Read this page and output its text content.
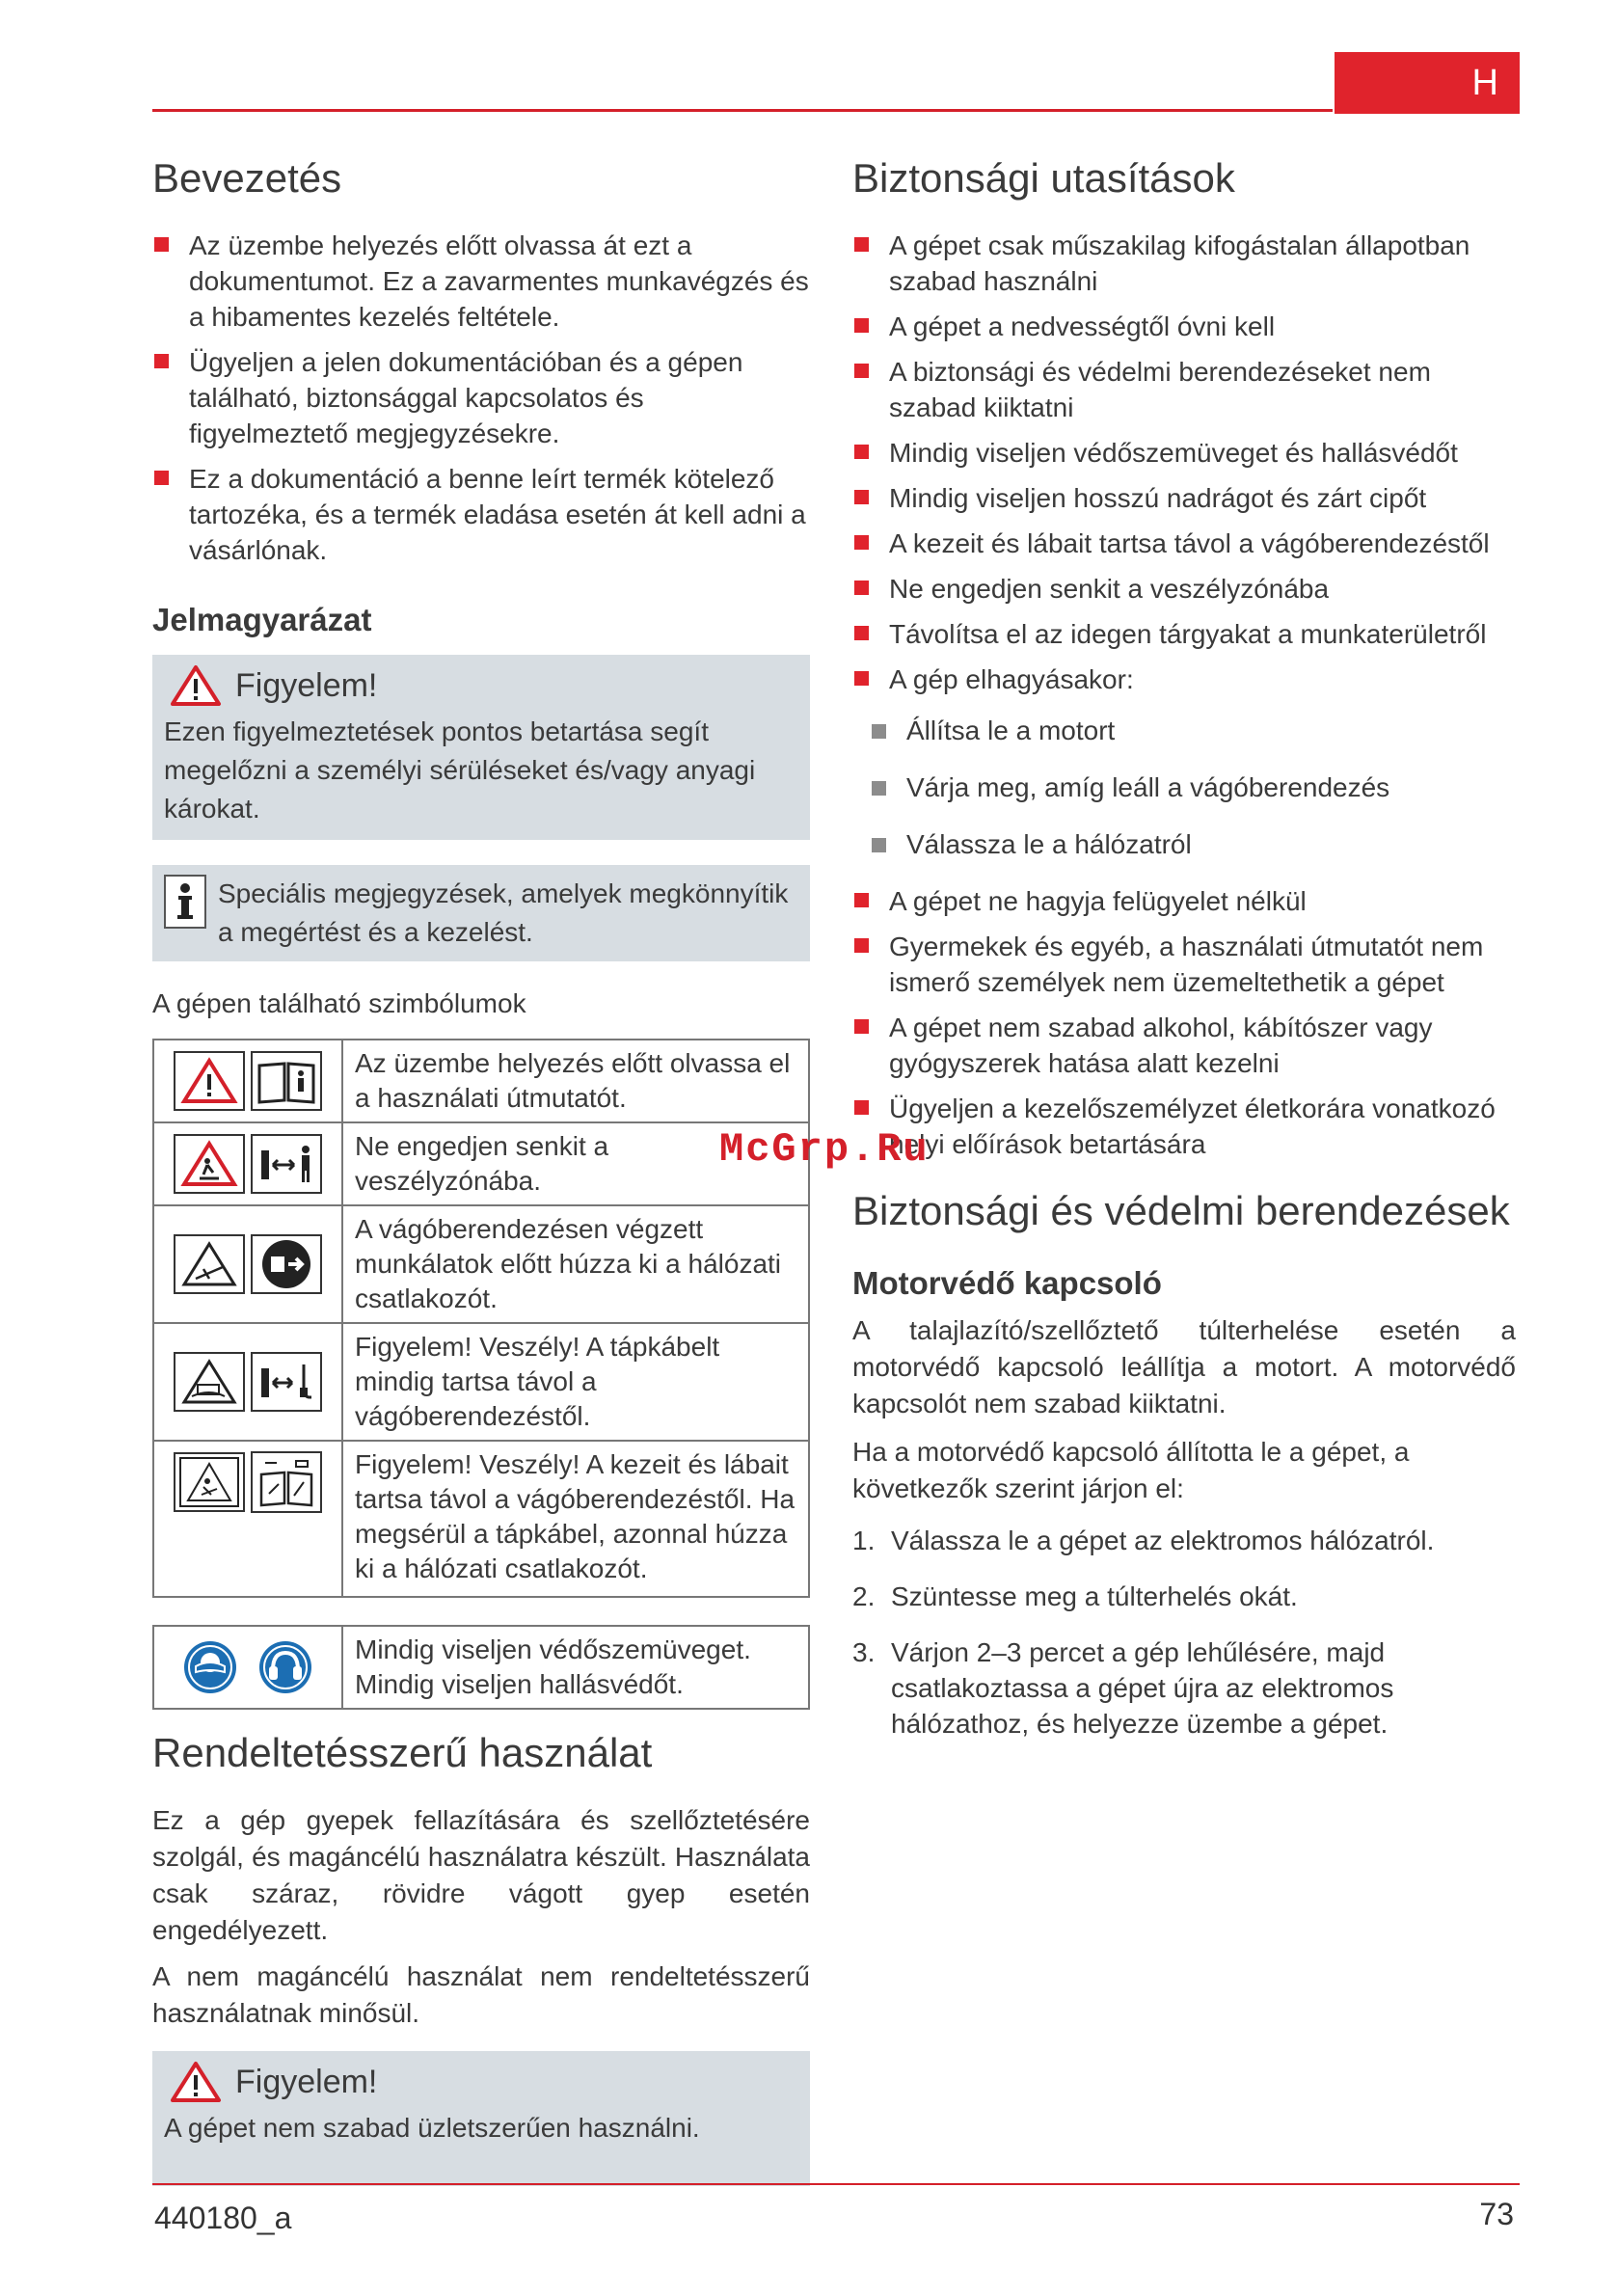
H
Bevezetés
Az üzembe helyezés előtt olvassa át ezt a dokumentumot. Ez a zavarmentes munkavégzés és a hibamentes kezelés feltétele.
Ügyeljen a jelen dokumentációban és a gépen található, biztonsággal kapcsolatos és figyelmeztető megjegyzésekre.
Ez a dokumentáció a benne leírt termék kötelező tartozéka, és a termék eladása esetén át kell adni a vásárlónak.
Jelmagyarázat
Figyelem!
Ezen figyelmeztetések pontos betartása segít megelőzni a személyi sérüléseket és/vagy anyagi károkat.
Speciális megjegyzések, amelyek megkönnyítik a megértést és a kezelést.

A gépen található szimbólumok

	Az üzembe helyezés előtt olvassa el a használati útmutatót.

	Ne engedjen senkit a veszélyzónába.

	A vágóberendezésen végzett munkálatok előtt húzza ki a hálózati csatlakozót.

	Figyelem! Veszély! A tápkábelt mindig tartsa távol a vágóberendezéstől.

	Figyelem! Veszély! A kezeit és lábait tartsa távol a vágóberendezéstől. Ha megsérül a tápkábel, azonnal húzza ki a hálózati csatlakozót.

Mindig viseljen védőszemüveget.
Mindig viseljen hallásvédőt.
Rendeltetésszerű használat

Ez a gép gyepek fellazítására és szellőztetésére szolgál, és magáncélú használatra készült. Használata csak száraz, rövidre vágott gyep esetén engedélyezett.

A nem magáncélú használat nem rendeltetésszerű használatnak minősül.

Figyelem!
A gépet nem szabad üzletszerűen használni.
Biztonsági utasítások
A gépet csak műszakilag kifogástalan állapotban szabad használni
A gépet a nedvességtől óvni kell
A biztonsági és védelmi berendezéseket nem szabad kiiktatni
Mindig viseljen védőszemüveget és hallásvédőt
Mindig viseljen hosszú nadrágot és zárt cipőt
A kezeit és lábait tartsa távol a vágóberendezéstől
Ne engedjen senkit a veszélyzónába
Távolítsa el az idegen tárgyakat a munkaterületről
A gép elhagyásakor:
Állítsa le a motort
Várja meg, amíg leáll a vágóberendezés
Válassza le a hálózatról
A gépet ne hagyja felügyelet nélkül
Gyermekek és egyéb, a használati útmutatót nem ismerő személyek nem üzemeltethetik a gépet
A gépet nem szabad alkohol, kábítószer vagy gyógyszerek hatása alatt kezelni
Ügyeljen a kezelőszemélyzet életkorára vonatkozó helyi előírások betartására
Biztonsági és védelmi berendezések
Motorvédő kapcsoló

A talajlazító/szellőztető túlterhelése esetén a motorvédő kapcsoló leállítja a motort. A motorvédő kapcsolót nem szabad kiiktatni.

Ha a motorvédő kapcsoló állította le a gépet, a következők szerint járjon el:

1. Válassza le a gépet az elektromos hálózatról.
2. Szüntesse meg a túlterhelés okát.
3. Várjon 2–3 percet a gép lehűlésére, majd csatlakoztassa a gépet újra az elektromos hálózathoz, és helyezze üzembe a gépet.
McGrp.Ru
440180_a	73
